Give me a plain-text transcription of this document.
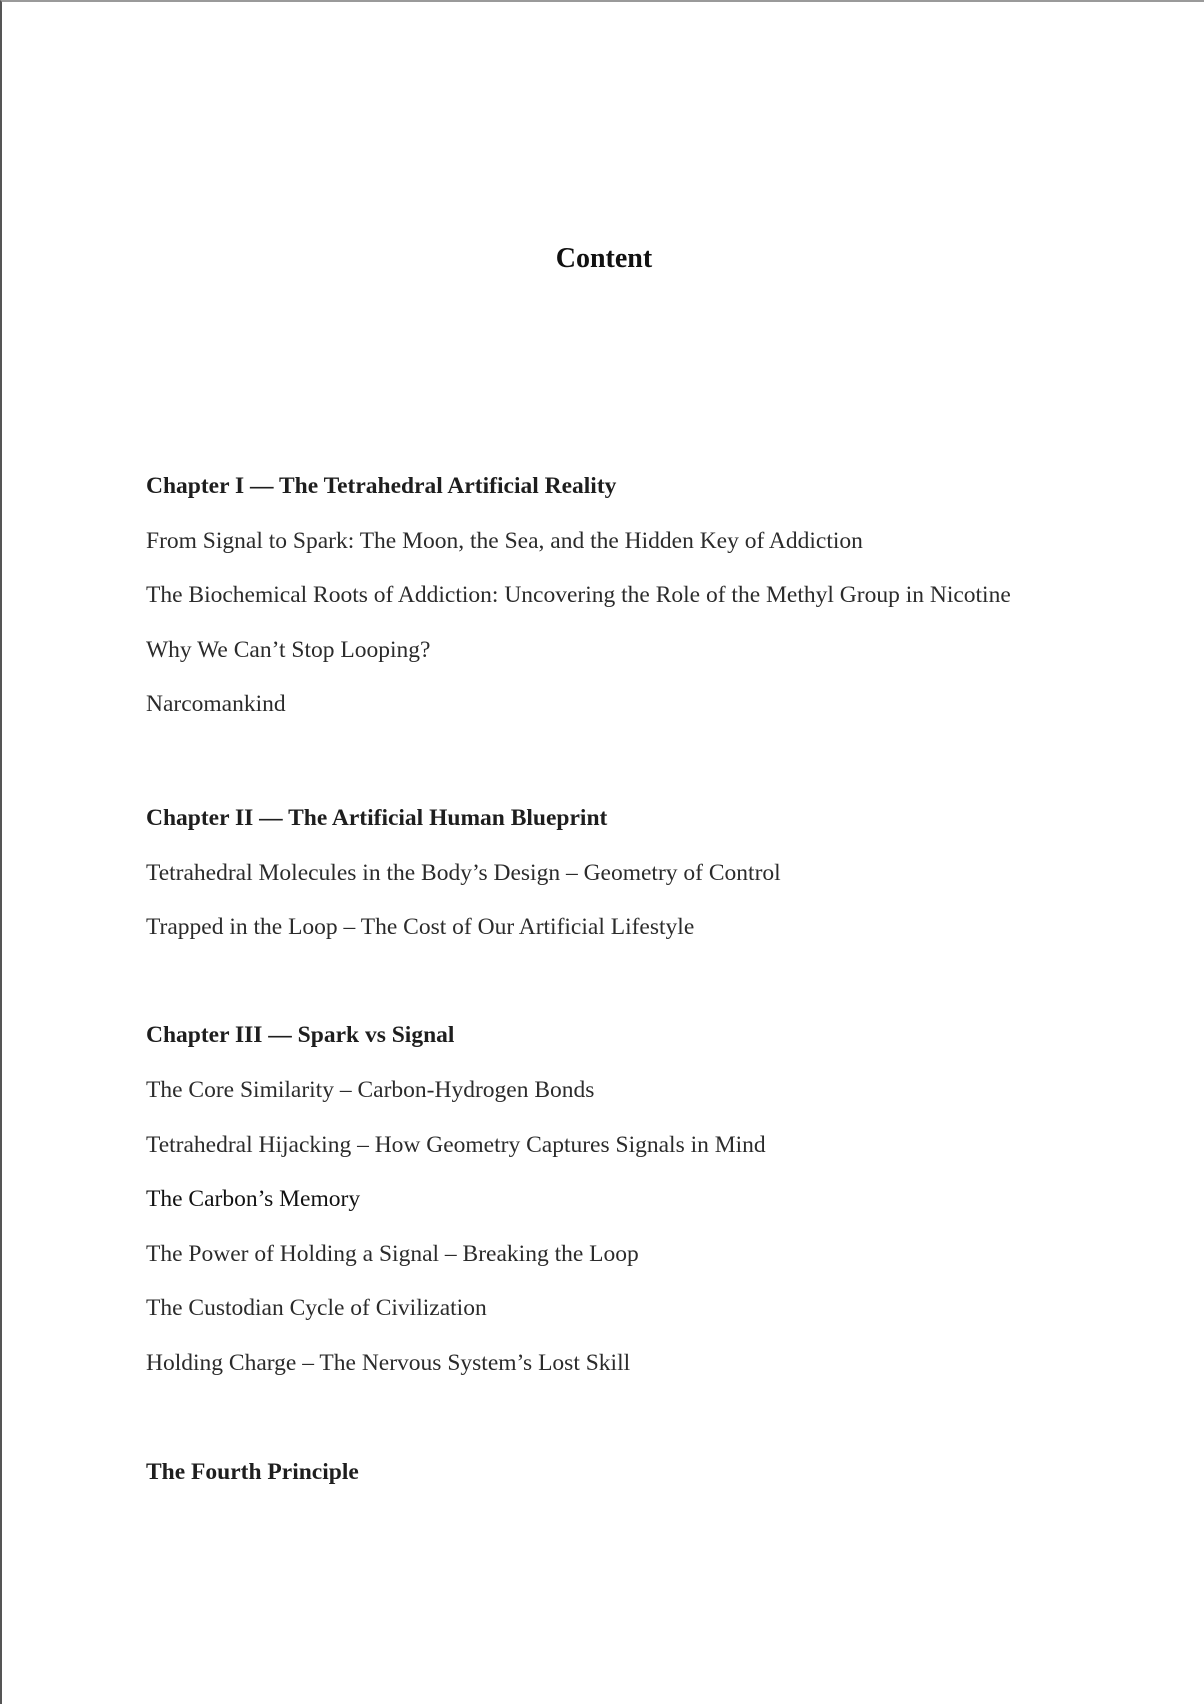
Content
Chapter I — The Tetrahedral Artificial Reality
From Signal to Spark: The Moon, the Sea, and the Hidden Key of Addiction
The Biochemical Roots of Addiction: Uncovering the Role of the Methyl Group in Nicotine
Why We Can’t Stop Looping?
Narcomankind
Chapter II — The Artificial Human Blueprint
Tetrahedral Molecules in the Body’s Design – Geometry of Control
Trapped in the Loop – The Cost of Our Artificial Lifestyle
Chapter III — Spark vs Signal
The Core Similarity – Carbon-Hydrogen Bonds
Tetrahedral Hijacking – How Geometry Captures Signals in Mind
The Carbon’s Memory
The Power of Holding a Signal – Breaking the Loop
The Custodian Cycle of Civilization
Holding Charge – The Nervous System’s Lost Skill
The Fourth Principle
